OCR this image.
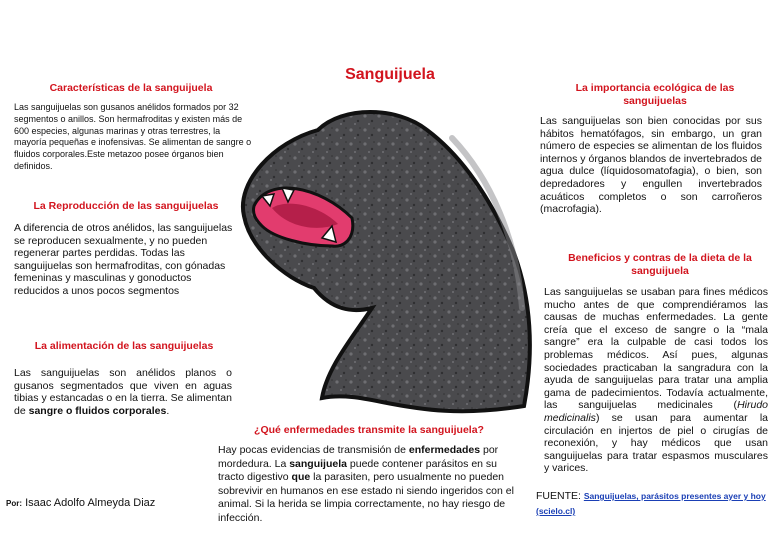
Sanguijuela
Características de la sanguijuela
Las sanguijuelas son gusanos anélidos formados por 32 segmentos o anillos. Son hermafroditas y existen más de 600 especies, algunas marinas y otras terrestres, la mayoría pequeñas e inofensivas. Se alimentan de sangre o fluidos corporales.Este metazoo posee órganos bien definidos.
La Reproducción de las sanguijuelas
A diferencia de otros anélidos, las sanguijuelas se reproducen sexualmente, y no pueden regenerar partes perdidas. Todas las sanguijuelas son hermafroditas, con gónadas femeninas y masculinas y gonoductos reducidos a unos pocos segmentos
La alimentación de las sanguijuelas
Las sanguijuelas son anélidos planos o gusanos segmentados que viven en aguas tibias y estancadas o en la tierra. Se alimentan de sangre o fluidos corporales.
¿Qué enfermedades transmite la sanguijuela?
Hay pocas evidencias de transmisión de enfermedades por mordedura. La sanguijuela puede contener parásitos en su tracto digestivo que la parasiten, pero usualmente no pueden sobrevivir en humanos en ese estado ni siendo ingeridos con el animal. Si la herida se limpia correctamente, no hay riesgo de infección.
Por: Isaac Adolfo Almeyda Diaz
La importancia ecológica de las sanguijuelas
Las sanguijuelas son bien conocidas por sus hábitos hematófagos, sin embargo, un gran número de especies se alimentan de los fluidos internos y órganos blandos de invertebrados de agua dulce (líquidosomatofagia), o bien, son depredadores y engullen invertebrados acuáticos completos o son carroñeros (macrofagia).
Beneficios y contras de la dieta de la sanguijuela
Las sanguijuelas se usaban para fines médicos mucho antes de que comprendiéramos las causas de muchas enfermedades. La gente creía que el exceso de sangre o la “mala sangre” era la culpable de casi todos los problemas médicos. Así pues, algunas sociedades practicaban la sangradura con la ayuda de sanguijuelas para tratar una amplia gama de padecimientos. Todavía actualmente, las sanguijuelas medicinales (Hirudo medicinalis) se usan para aumentar la circulación en injertos de piel o cirugías de reconexión, y hay médicos que usan sanguijuelas para tratar espasmos musculares y varices.
FUENTE: Sanguijuelas, parásitos presentes ayer y hoy (scielo.cl)
